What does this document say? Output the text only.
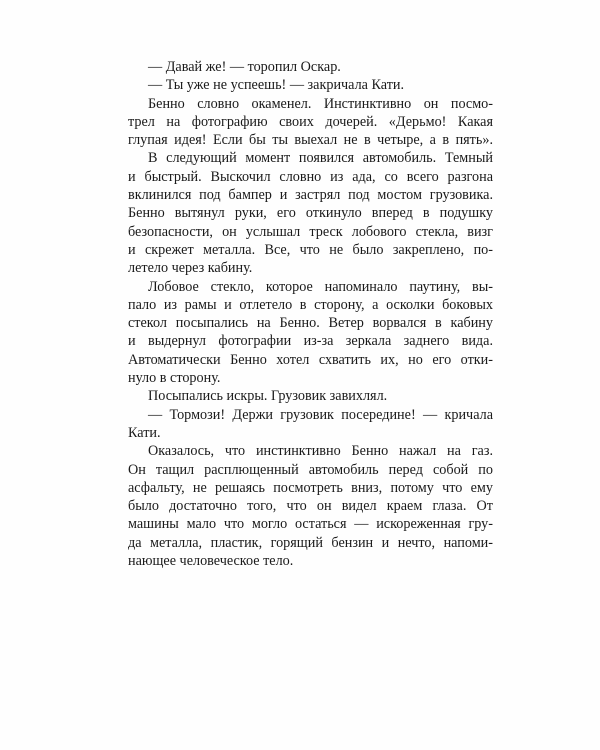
— Давай же! — торопил Оскар.
— Ты уже не успеешь! — закричала Кати.
Бенно словно окаменел. Инстинктивно он посмо-
трел на фотографию своих дочерей. «Дерьмо! Какая
глупая идея! Если бы ты выехал не в четыре, а в пять».
В следующий момент появился автомобиль. Темный
и быстрый. Выскочил словно из ада, со всего разгона
вклинился под бампер и застрял под мостом грузовика.
Бенно вытянул руки, его откинуло вперед в подушку
безопасности, он услышал треск лобового стекла, визг
и скрежет металла. Все, что не было закреплено, по-
летело через кабину.
Лобовое стекло, которое напоминало паутину, вы-
пало из рамы и отлетело в сторону, а осколки боковых
стекол посыпались на Бенно. Ветер ворвался в кабину
и выдернул фотографии из-за зеркала заднего вида.
Автоматически Бенно хотел схватить их, но его отки-
нуло в сторону.
Посыпались искры. Грузовик завихлял.
— Тормози! Держи грузовик посередине! — кричала
Кати.
Оказалось, что инстинктивно Бенно нажал на газ.
Он тащил расплющенный автомобиль перед собой по
асфальту, не решаясь посмотреть вниз, потому что ему
было достаточно того, что он видел краем глаза. От
машины мало что могло остаться — искореженная гру-
да металла, пластик, горящий бензин и нечто, напоми-
нающее человеческое тело.
